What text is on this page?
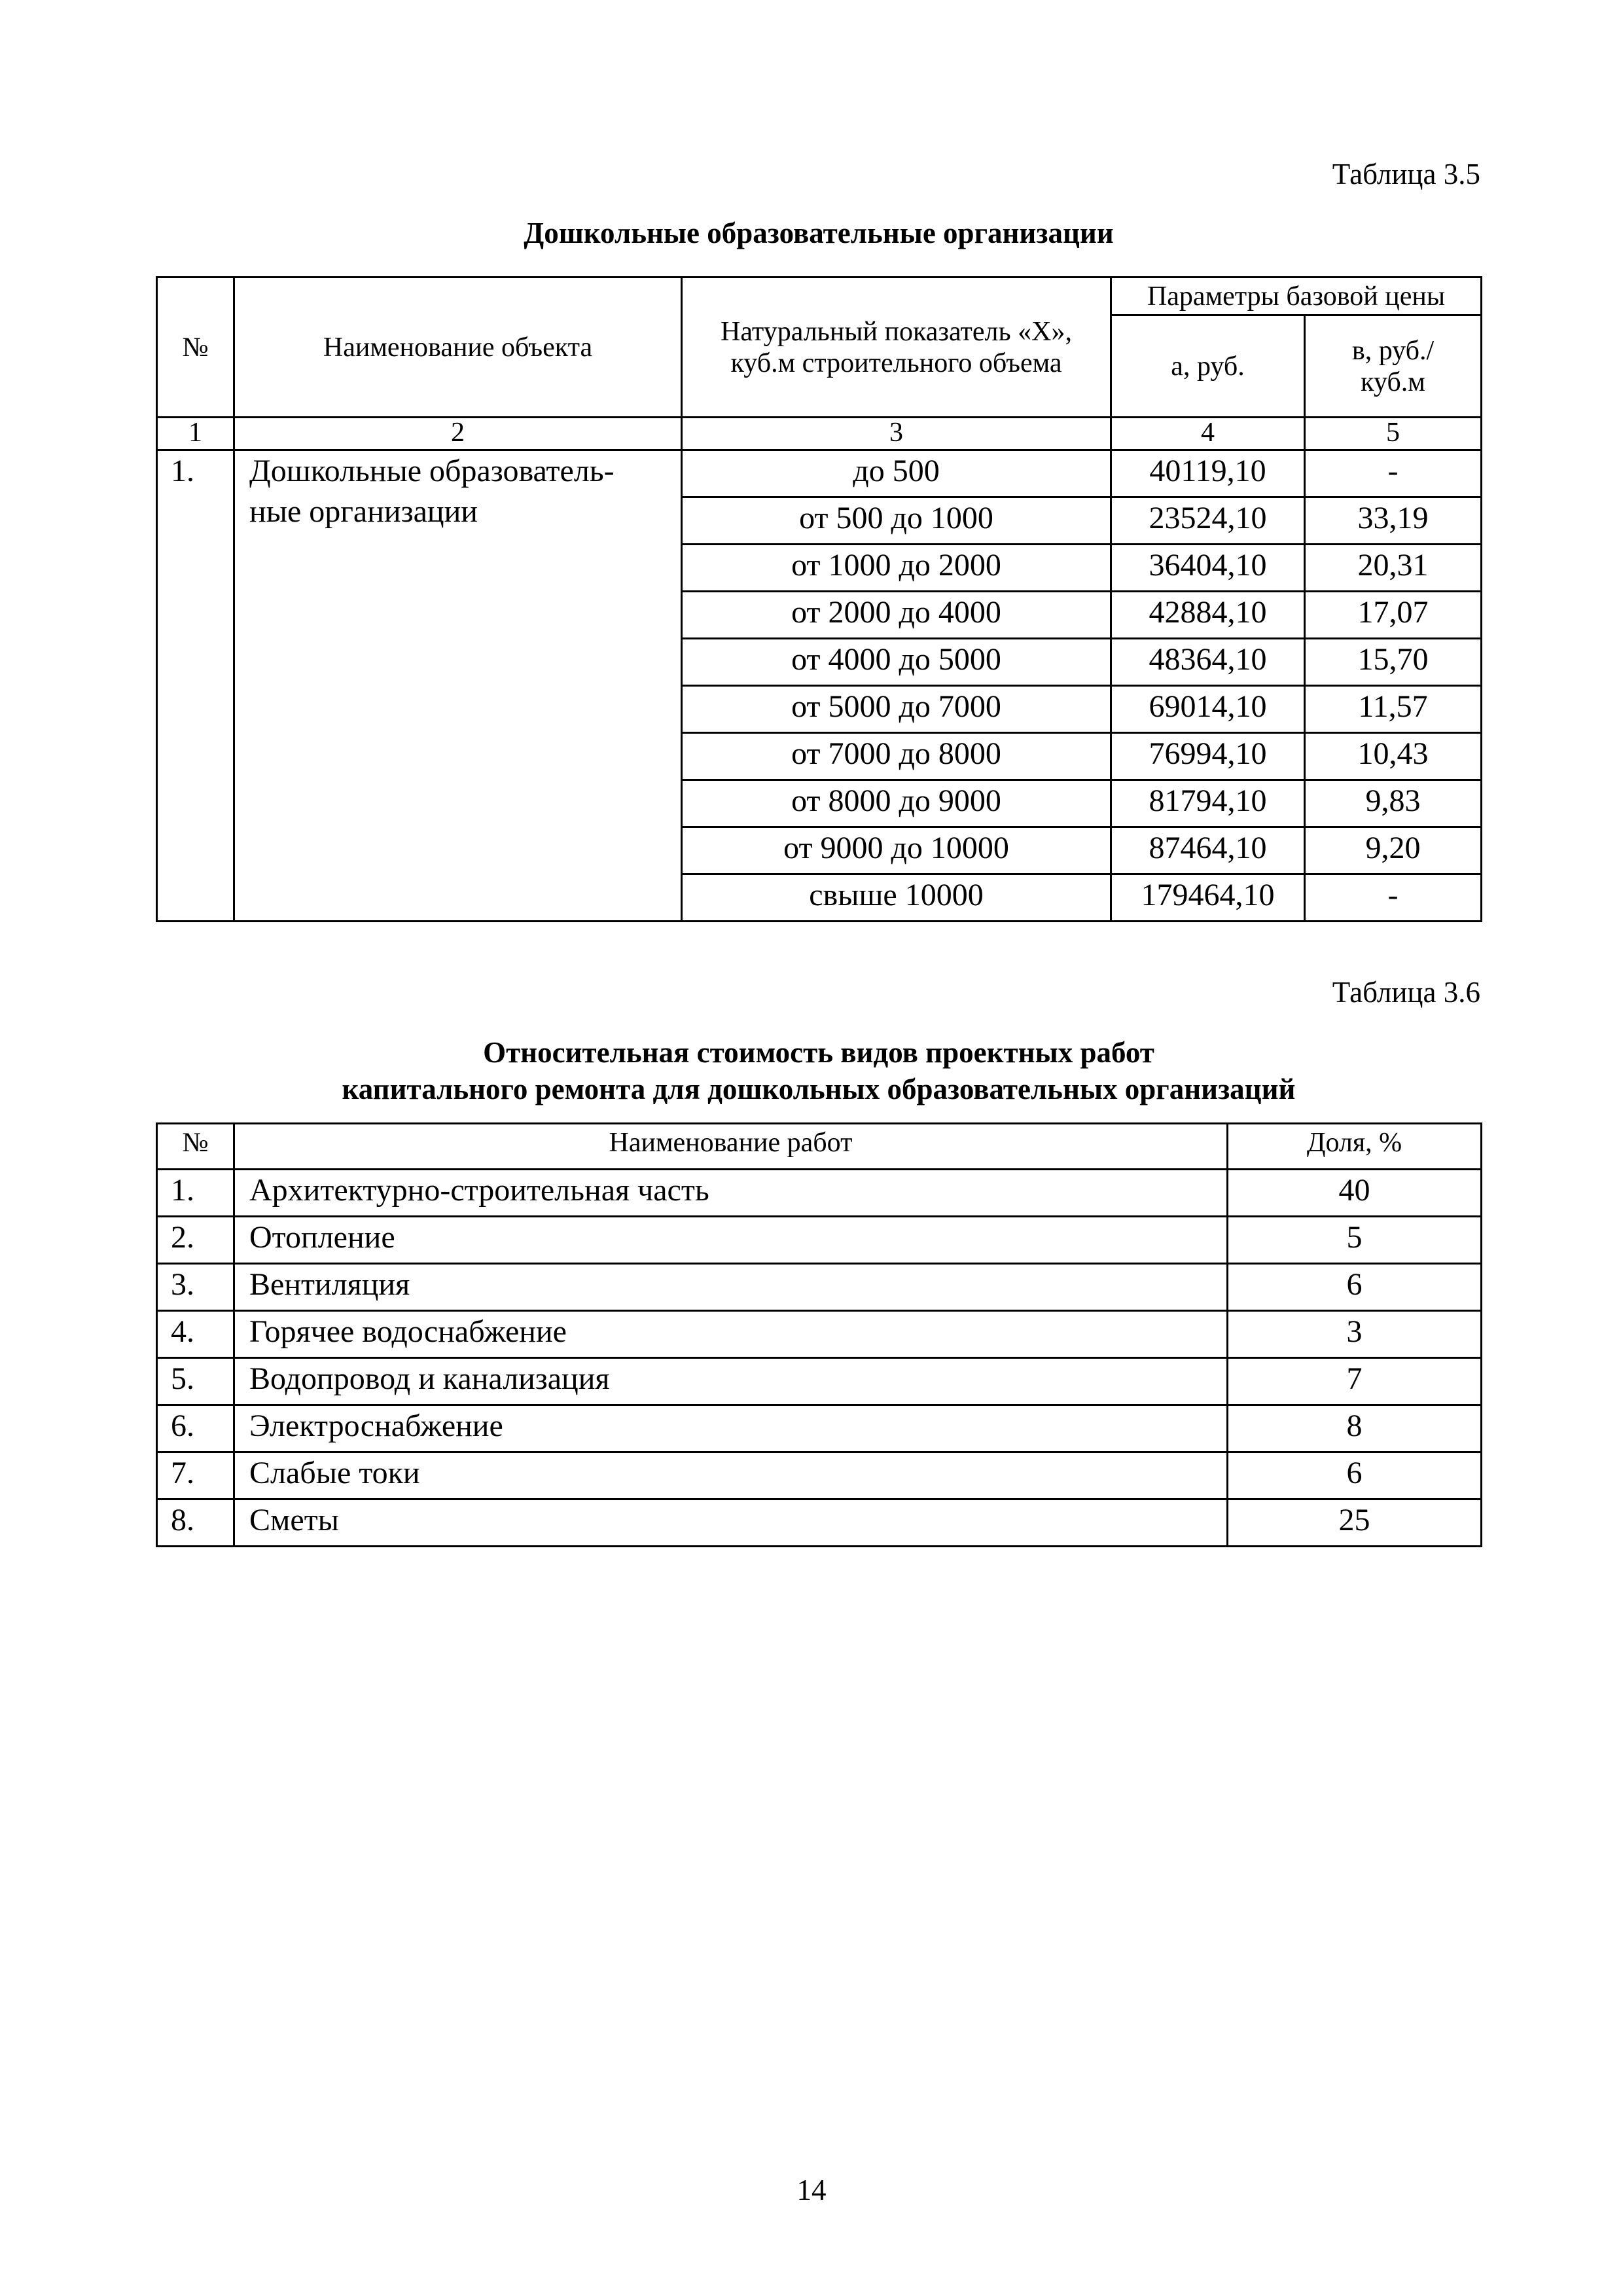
Таблица 3.5
Дошкольные образовательные организации
№	Наименование объекта	Натуральный показатель «Х», куб.м строительного объема	Параметры базовой цены	
			а, руб.	в, руб./куб.м
1	2	3	4	5
1.	Дошкольные образователь-ные организации	до 500	40119,10	-
		от 500 до 1000	23524,10	33,19
		от 1000 до 2000	36404,10	20,31
		от 2000 до 4000	42884,10	17,07
		от 4000 до 5000	48364,10	15,70
		от 5000 до 7000	69014,10	11,57
		от 7000 до 8000	76994,10	10,43
		от 8000 до 9000	81794,10	9,83
		от 9000 до 10000	87464,10	9,20
		свыше 10000	179464,10	-
Таблица 3.6
Относительная стоимость видов проектных работ
капитального ремонта для дошкольных образовательных организаций
№	Наименование работ	Доля, %
1.	Архитектурно-строительная часть	40
2.	Отопление	5
3.	Вентиляция	6
4.	Горячее водоснабжение	3
5.	Водопровод и канализация	7
6.	Электроснабжение	8
7.	Слабые токи	6
8.	Сметы	25
14
